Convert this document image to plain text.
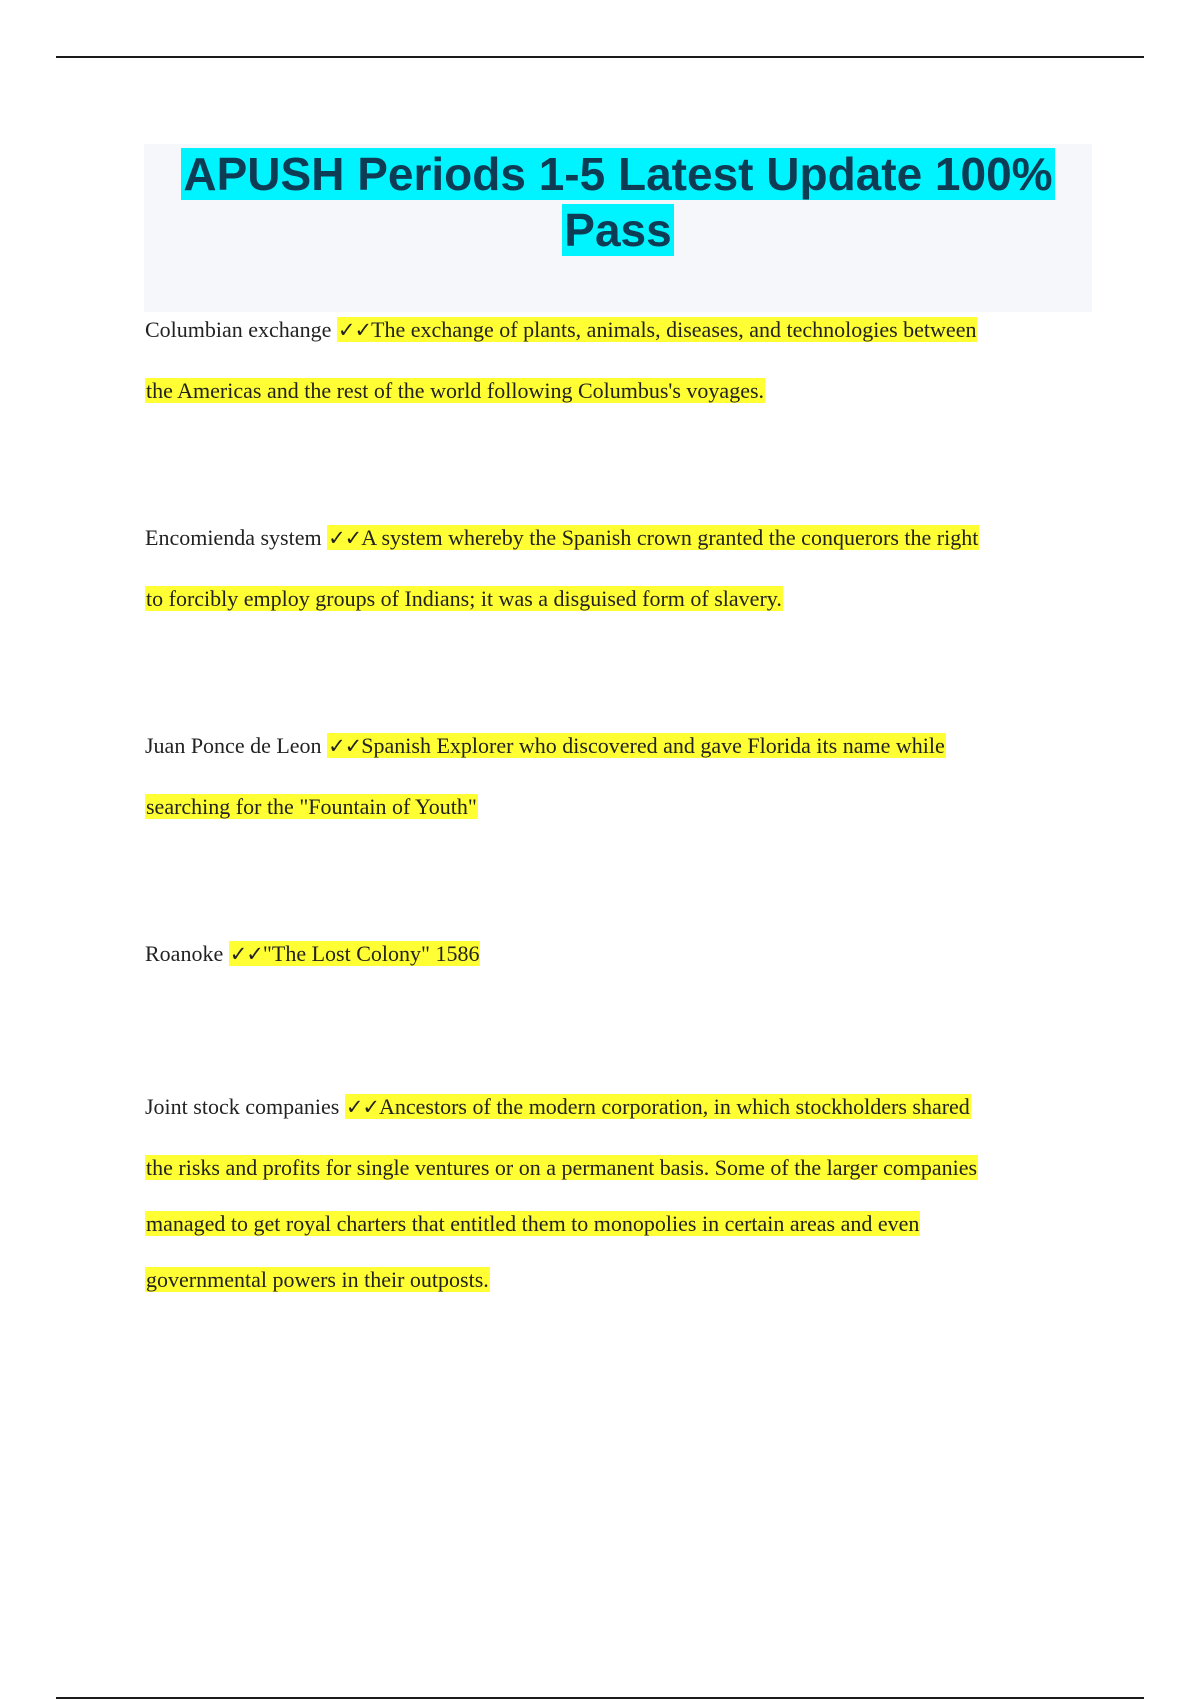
APUSH Periods 1-5 Latest Update 100%
Pass
Columbian exchange ✓✓The exchange of plants, animals, diseases, and technologies between
the Americas and the rest of the world following Columbus's voyages.
Encomienda system ✓✓A system whereby the Spanish crown granted the conquerors the right
to forcibly employ groups of Indians; it was a disguised form of slavery.
Juan Ponce de Leon ✓✓Spanish Explorer who discovered and gave Florida its name while
searching for the "Fountain of Youth"
Roanoke ✓✓"The Lost Colony" 1586
Joint stock companies ✓✓Ancestors of the modern corporation, in which stockholders shared
the risks and profits for single ventures or on a permanent basis. Some of the larger companies
managed to get royal charters that entitled them to monopolies in certain areas and even
governmental powers in their outposts.
